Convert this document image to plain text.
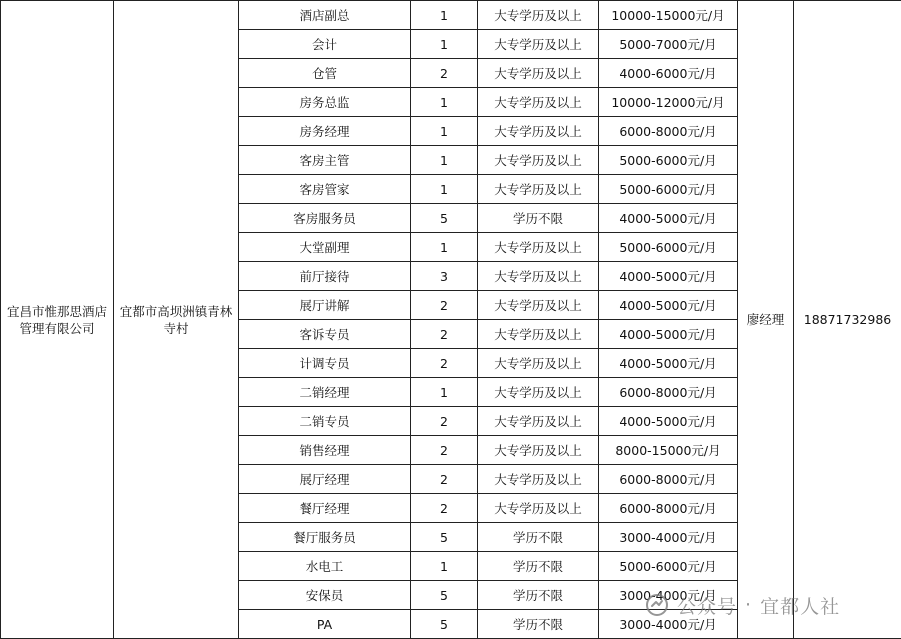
宜昌市惟那思酒店管理有限公司	宜都市高坝洲镇青林寺村	酒店副总	1	大专学历及以上	10000-15000元/月	廖经理	18871732986
		会计	1	大专学历及以上	5000-7000元/月		
		仓管	2	大专学历及以上	4000-6000元/月		
		房务总监	1	大专学历及以上	10000-12000元/月		
		房务经理	1	大专学历及以上	6000-8000元/月		
		客房主管	1	大专学历及以上	5000-6000元/月		
		客房管家	1	大专学历及以上	5000-6000元/月		
		客房服务员	5	学历不限	4000-5000元/月		
		大堂副理	1	大专学历及以上	5000-6000元/月		
		前厅接待	3	大专学历及以上	4000-5000元/月		
		展厅讲解	2	大专学历及以上	4000-5000元/月		
		客诉专员	2	大专学历及以上	4000-5000元/月		
		计调专员	2	大专学历及以上	4000-5000元/月		
		二销经理	1	大专学历及以上	6000-8000元/月		
		二销专员	2	大专学历及以上	4000-5000元/月		
		销售经理	2	大专学历及以上	8000-15000元/月		
		展厅经理	2	大专学历及以上	6000-8000元/月		
		餐厅经理	2	大专学历及以上	6000-8000元/月		
		餐厅服务员	5	学历不限	3000-4000元/月		
		水电工	1	学历不限	5000-6000元/月		
		安保员	5	学历不限	3000-4000元/月		
		PA	5	学历不限	3000-4000元/月		
公众号 · 宜都人社
